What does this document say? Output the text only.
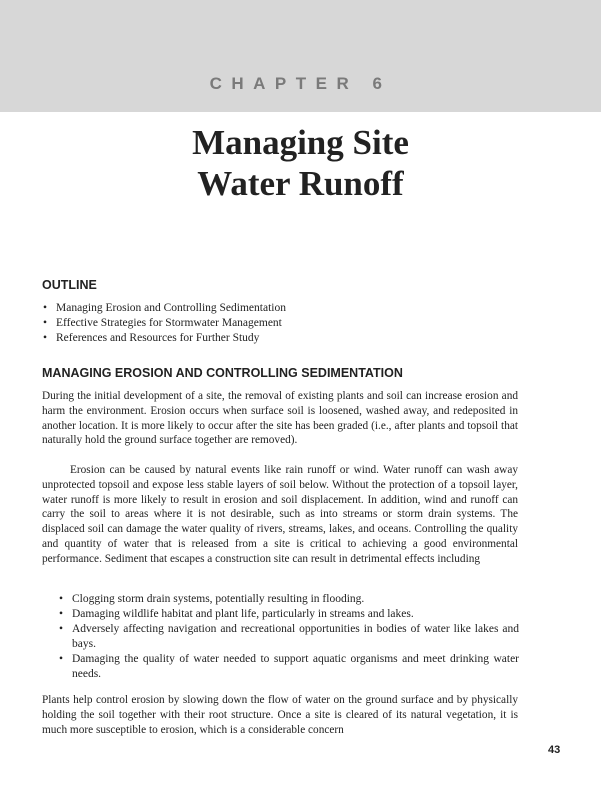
CHAPTER 6
Managing Site
Water Runoff
OUTLINE
• Managing Erosion and Controlling Sedimentation
• Effective Strategies for Stormwater Management
• References and Resources for Further Study
MANAGING EROSION AND CONTROLLING SEDIMENTATION

During the initial development of a site, the removal of existing plants and soil can increase erosion and harm the environment. Erosion occurs when surface soil is loosened, washed away, and redeposited in another location. It is more likely to occur after the site has been graded (i.e., after plants and topsoil that naturally hold the ground surface together are removed).

Erosion can be caused by natural events like rain runoff or wind. Water runoff can wash away unprotected topsoil and expose less stable layers of soil below. Without the protection of a topsoil layer, water runoff is more likely to result in erosion and soil displacement. In addition, wind and runoff can carry the soil to areas where it is not desirable, such as into streams or storm drain systems. The displaced soil can damage the water quality of rivers, streams, lakes, and oceans. Controlling the quality and quantity of water that is released from a site is critical to achieving a good environmental performance. Sediment that escapes a construction site can result in detrimental effects including

• Clogging storm drain systems, potentially resulting in flooding.
• Damaging wildlife habitat and plant life, particularly in streams and lakes.
• Adversely affecting navigation and recreational opportunities in bodies of water like lakes and bays.
• Damaging the quality of water needed to support aquatic organisms and meet drinking water needs.

Plants help control erosion by slowing down the flow of water on the ground surface and by physically holding the soil together with their root structure. Once a site is cleared of its natural vegetation, it is much more susceptible to erosion, which is a considerable concern

43
